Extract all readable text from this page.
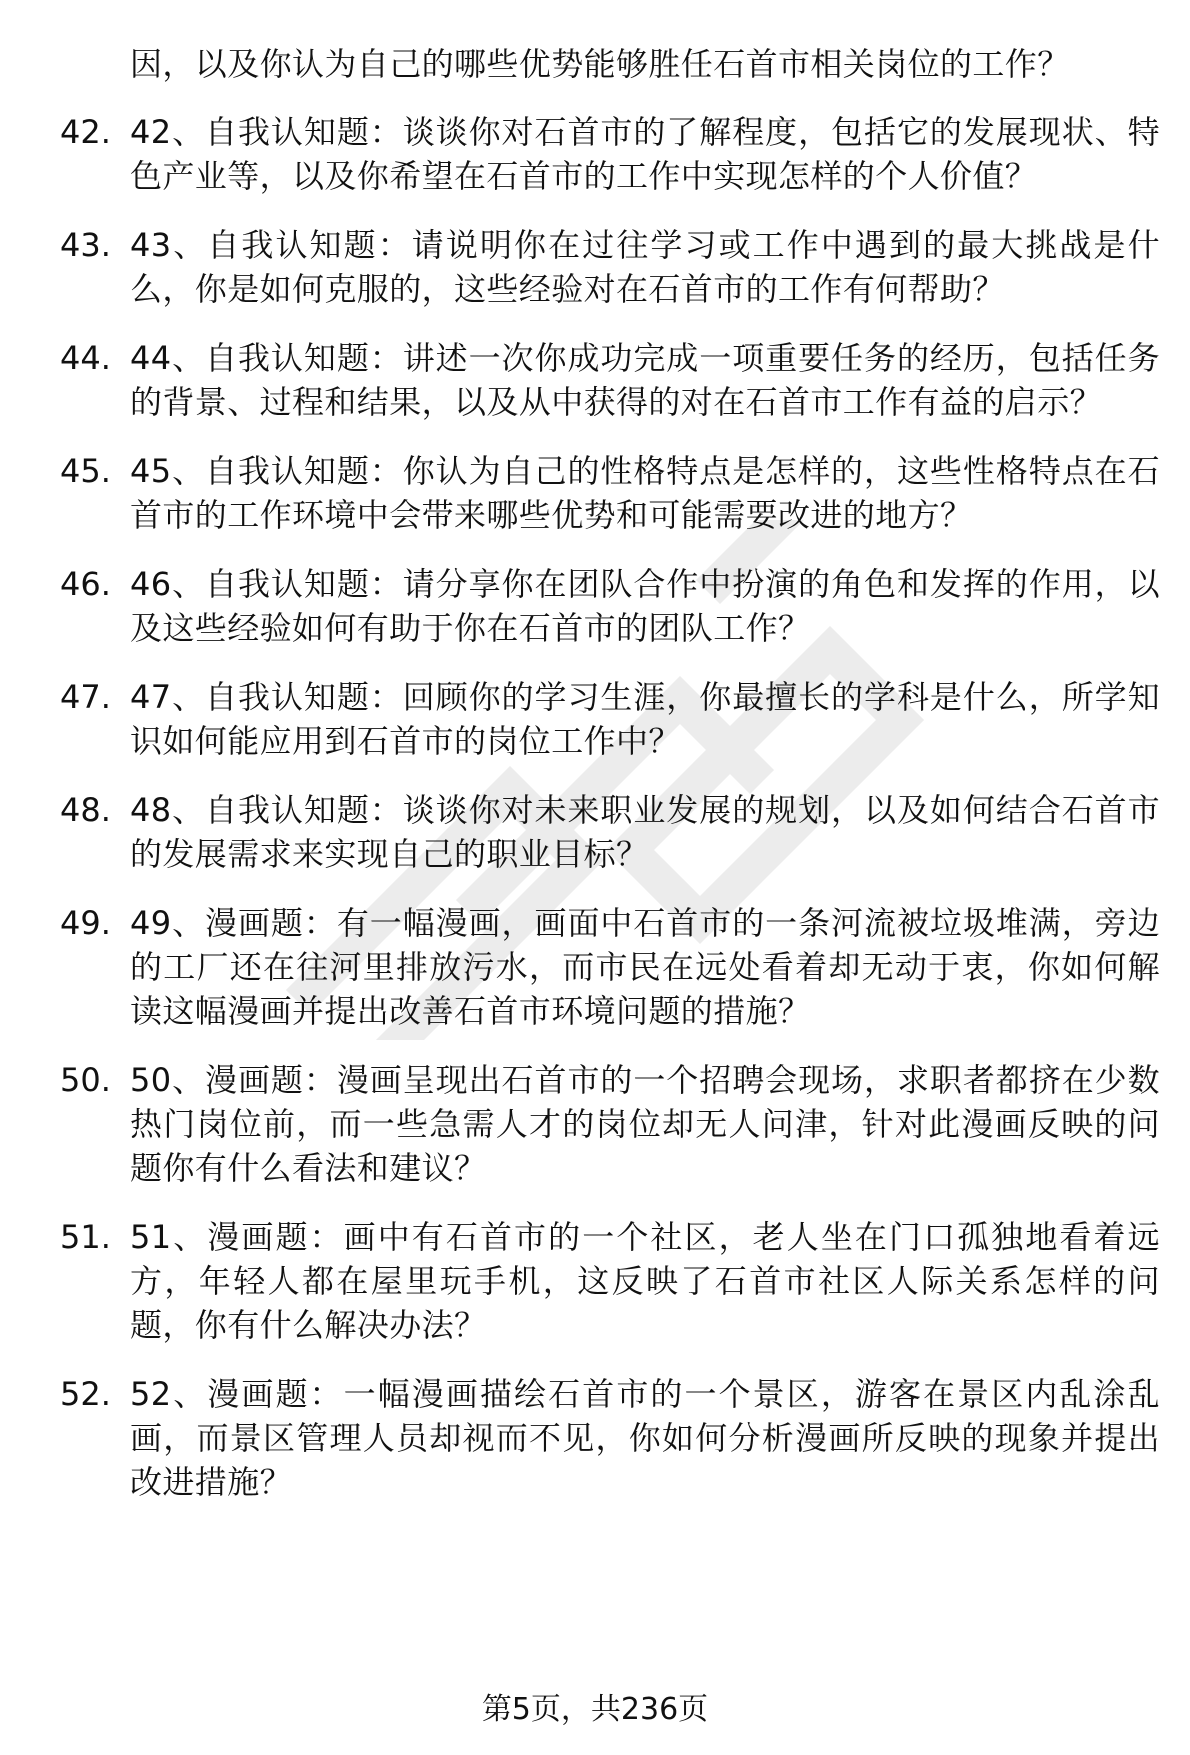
因，以及你认为自己的哪些优势能够胜任石首市相关岗位的工作？
42. 42、自我认知题：谈谈你对石首市的了解程度，包括它的发展现状、特色产业等，以及你希望在石首市的工作中实现怎样的个人价值？
43. 43、自我认知题：请说明你在过往学习或工作中遇到的最大挑战是什么，你是如何克服的，这些经验对在石首市的工作有何帮助？
44. 44、自我认知题：讲述一次你成功完成一项重要任务的经历，包括任务的背景、过程和结果，以及从中获得的对在石首市工作有益的启示？
45. 45、自我认知题：你认为自己的性格特点是怎样的，这些性格特点在石首市的工作环境中会带来哪些优势和可能需要改进的地方？
46. 46、自我认知题：请分享你在团队合作中扮演的角色和发挥的作用，以及这些经验如何有助于你在石首市的团队工作？
47. 47、自我认知题：回顾你的学习生涯，你最擅长的学科是什么，所学知识如何能应用到石首市的岗位工作中？
48. 48、自我认知题：谈谈你对未来职业发展的规划，以及如何结合石首市的发展需求来实现自己的职业目标？
49. 49、漫画题：有一幅漫画，画面中石首市的一条河流被垃圾堆满，旁边的工厂还在往河里排放污水，而市民在远处看着却无动于衷，你如何解读这幅漫画并提出改善石首市环境问题的措施？
50. 50、漫画题：漫画呈现出石首市的一个招聘会现场，求职者都挤在少数热门岗位前，而一些急需人才的岗位却无人问津，针对此漫画反映的问题你有什么看法和建议？
51. 51、漫画题：画中有石首市的一个社区，老人坐在门口孤独地看着远方，年轻人都在屋里玩手机，这反映了石首市社区人际关系怎样的问题，你有什么解决办法？
52. 52、漫画题：一幅漫画描绘石首市的一个景区，游客在景区内乱涂乱画，而景区管理人员却视而不见，你如何分析漫画所反映的现象并提出改进措施？
第5页，共236页
